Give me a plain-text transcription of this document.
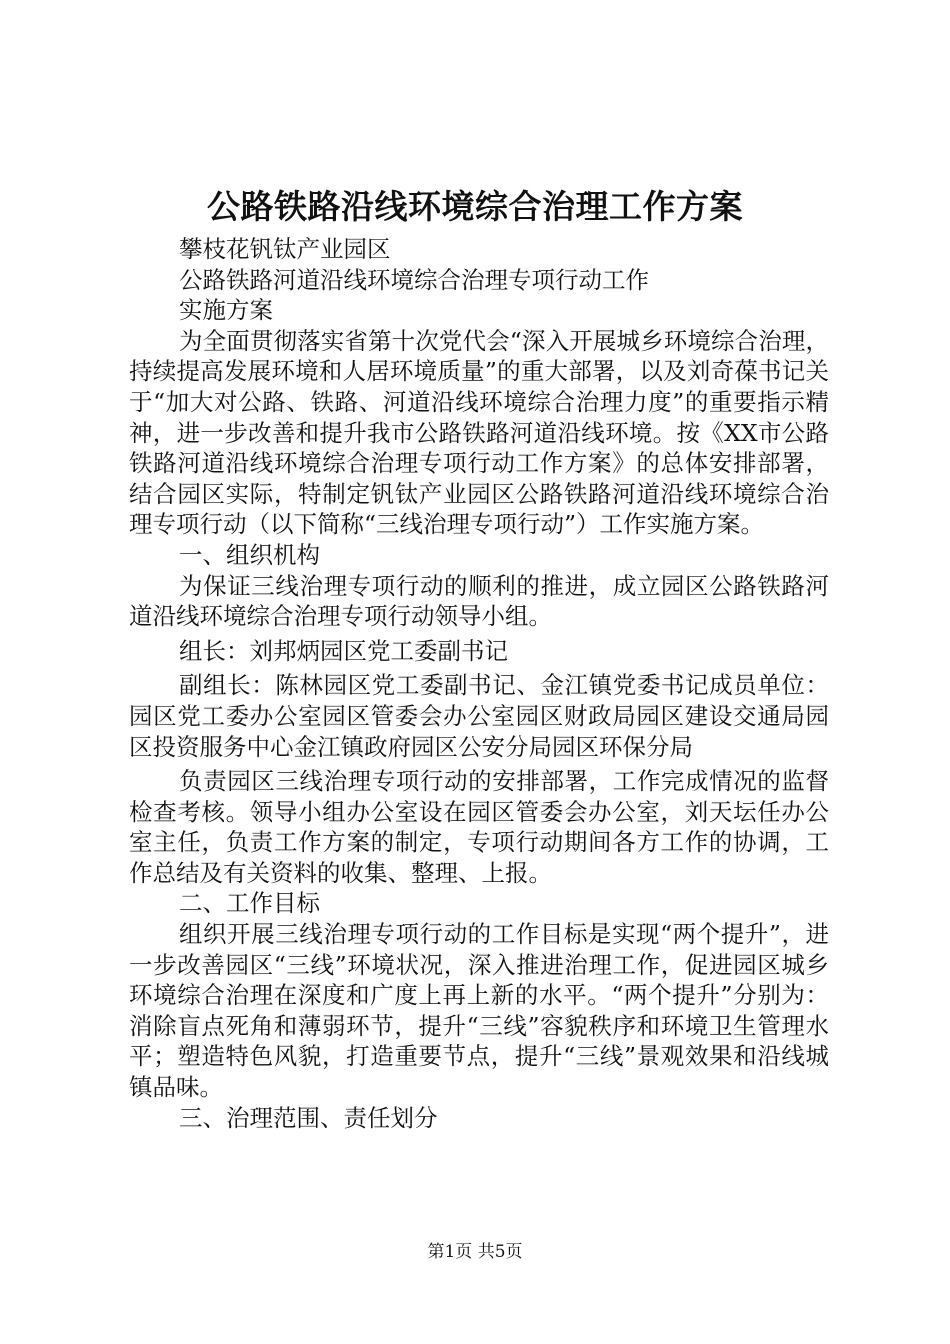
公路铁路沿线环境综合治理工作方案

攀枝花钒钛产业园区

公路铁路河道沿线环境综合治理专项行动工作

实施方案

为全面贯彻落实省第十次党代会“深入开展城乡环境综合治理，持续提高发展环境和人居环境质量”的重大部署，以及刘奇葆书记关于“加大对公路、铁路、河道沿线环境综合治理力度”的重要指示精神，进一步改善和提升我市公路铁路河道沿线环境。按《XX市公路铁路河道沿线环境综合治理专项行动工作方案》的总体安排部署，结合园区实际，特制定钒钛产业园区公路铁路河道沿线环境综合治理专项行动（以下简称“三线治理专项行动”）工作实施方案。

一、组织机构

为保证三线治理专项行动的顺利的推进，成立园区公路铁路河道沿线环境综合治理专项行动领导小组。

组长：刘邦炳园区党工委副书记

副组长：陈林园区党工委副书记、金江镇党委书记成员单位：园区党工委办公室园区管委会办公室园区财政局园区建设交通局园区投资服务中心金江镇政府园区公安分局园区环保分局

负责园区三线治理专项行动的安排部署，工作完成情况的监督检查考核。领导小组办公室设在园区管委会办公室，刘天坛任办公室主任，负责工作方案的制定，专项行动期间各方工作的协调，工作总结及有关资料的收集、整理、上报。

二、工作目标

组织开展三线治理专项行动的工作目标是实现“两个提升”，进一步改善园区“三线”环境状况，深入推进治理工作，促进园区城乡环境综合治理在深度和广度上再上新的水平。“两个提升”分别为：消除盲点死角和薄弱环节，提升“三线”容貌秩序和环境卫生管理水平；塑造特色风貌，打造重要节点，提升“三线”景观效果和沿线城镇品味。

三、治理范围、责任划分

第1页 共5页
